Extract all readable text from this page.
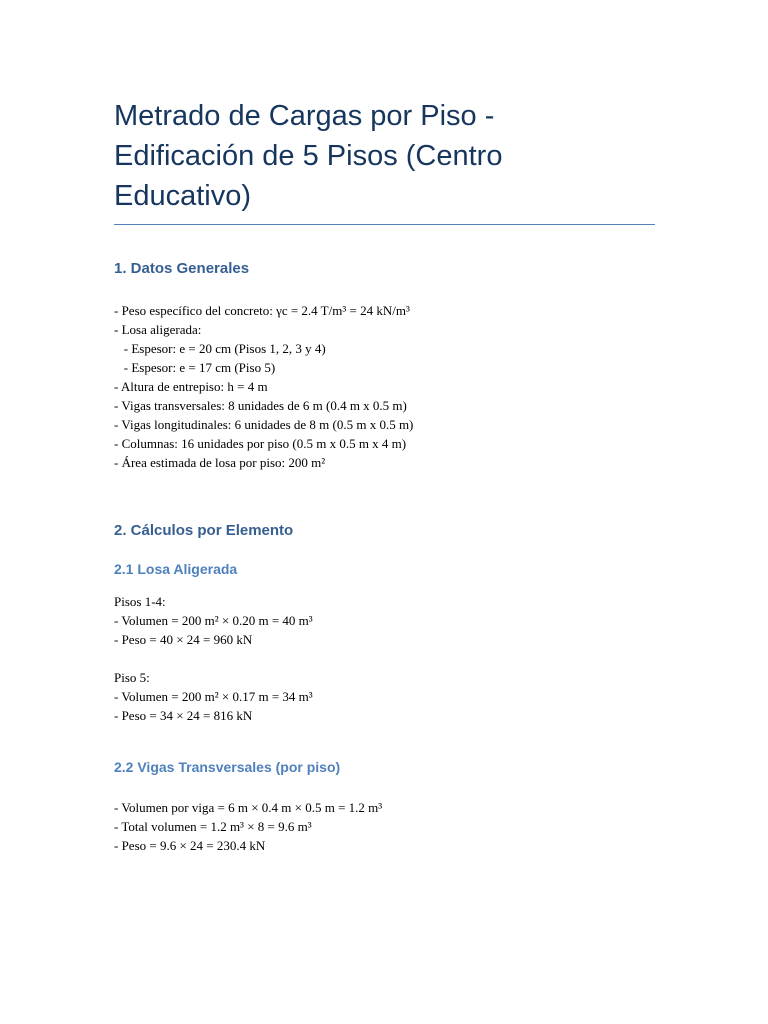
Metrado de Cargas por Piso -
Edificación de 5 Pisos (Centro
Educativo)
1. Datos Generales
- Peso específico del concreto: γc = 2.4 T/m³ = 24 kN/m³
- Losa aligerada:
- Espesor: e = 20 cm (Pisos 1, 2, 3 y 4)
- Espesor: e = 17 cm (Piso 5)
- Altura de entrepiso: h = 4 m
- Vigas transversales: 8 unidades de 6 m (0.4 m x 0.5 m)
- Vigas longitudinales: 6 unidades de 8 m (0.5 m x 0.5 m)
- Columnas: 16 unidades por piso (0.5 m x 0.5 m x 4 m)
- Área estimada de losa por piso: 200 m²
2. Cálculos por Elemento
2.1 Losa Aligerada
Pisos 1-4:
- Volumen = 200 m² × 0.20 m = 40 m³
- Peso = 40 × 24 = 960 kN
Piso 5:
- Volumen = 200 m² × 0.17 m = 34 m³
- Peso = 34 × 24 = 816 kN
2.2 Vigas Transversales (por piso)
- Volumen por viga = 6 m × 0.4 m × 0.5 m = 1.2 m³
- Total volumen = 1.2 m³ × 8 = 9.6 m³
- Peso = 9.6 × 24 = 230.4 kN
